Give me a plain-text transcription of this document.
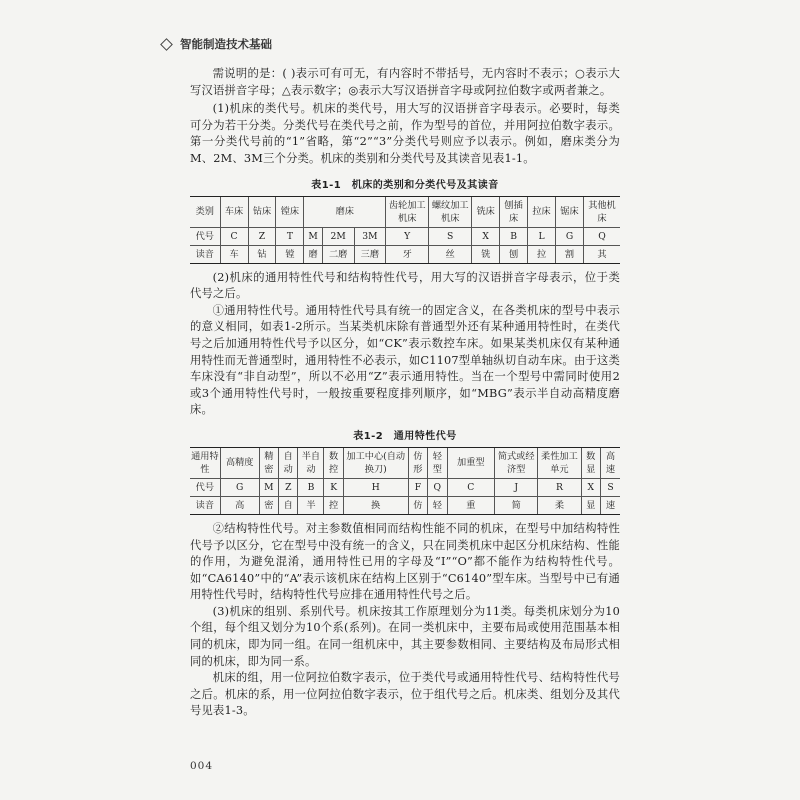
智能制造技术基础

需说明的是：( )表示可有可无，有内容时不带括号，无内容时不表示；○表示大写汉语拼音字母；△表示数字；◎表示大写汉语拼音字母或阿拉伯数字或两者兼之。

(1)机床的类代号。机床的类代号，用大写的汉语拼音字母表示。必要时，每类可分为若干分类。分类代号在类代号之前，作为型号的首位，并用阿拉伯数字表示。第一分类代号前的“1”省略，第“2”“3”分类代号则应予以表示。例如，磨床类分为M、2M、3M三个分类。机床的类别和分类代号及其读音见表1-1。

表1-1　机床的类别和分类代号及其读音
类别	车床	钻床	镗床	磨床			齿轮加工机床	螺纹加工机床	铣床	刨插床	拉床	锯床	其他机床
代号	C	Z	T	M	2M	3M	Y	S	X	B	L	G	Q
读音	车	钻	镗	磨	二磨	三磨	牙	丝	铣	刨	拉	割	其

(2)机床的通用特性代号和结构特性代号，用大写的汉语拼音字母表示，位于类代号之后。

①通用特性代号。通用特性代号具有统一的固定含义，在各类机床的型号中表示的意义相同，如表1-2所示。当某类机床除有普通型外还有某种通用特性时，在类代号之后加通用特性代号予以区分，如“CK”表示数控车床。如果某类机床仅有某种通用特性而无普通型时，通用特性不必表示，如C1107型单轴纵切自动车床。由于这类车床没有“非自动型”，所以不必用“Z”表示通用特性。当在一个型号中需同时使用2或3个通用特性代号时，一般按重要程度排列顺序，如“MBG”表示半自动高精度磨床。

表1-2　通用特性代号
通用特性	高精度	精密	自动	半自动	数控	加工中心(自动换刀)	仿形	轻型	加重型	简式或经济型	柔性加工单元	数显	高速
代号	G	M	Z	B	K	H	F	Q	C	J	R	X	S
读音	高	密	自	半	控	换	仿	轻	重	简	柔	显	速

②结构特性代号。对主参数值相同而结构性能不同的机床，在型号中加结构特性代号予以区分，它在型号中没有统一的含义，只在同类机床中起区分机床结构、性能的作用，为避免混淆，通用特性已用的字母及“I”“O”都不能作为结构特性代号。如“CA6140”中的“A”表示该机床在结构上区别于“C6140”型车床。当型号中已有通用特性代号时，结构特性代号应排在通用特性代号之后。

(3)机床的组别、系别代号。机床按其工作原理划分为11类。每类机床划分为10个组，每个组又划分为10个系(系列)。在同一类机床中，主要布局或使用范围基本相同的机床，即为同一组。在同一组机床中，其主要参数相同、主要结构及布局形式相同的机床，即为同一系。

机床的组，用一位阿拉伯数字表示，位于类代号或通用特性代号、结构特性代号之后。机床的系，用一位阿拉伯数字表示，位于组代号之后。机床类、组划分及其代号见表1-3。

004
